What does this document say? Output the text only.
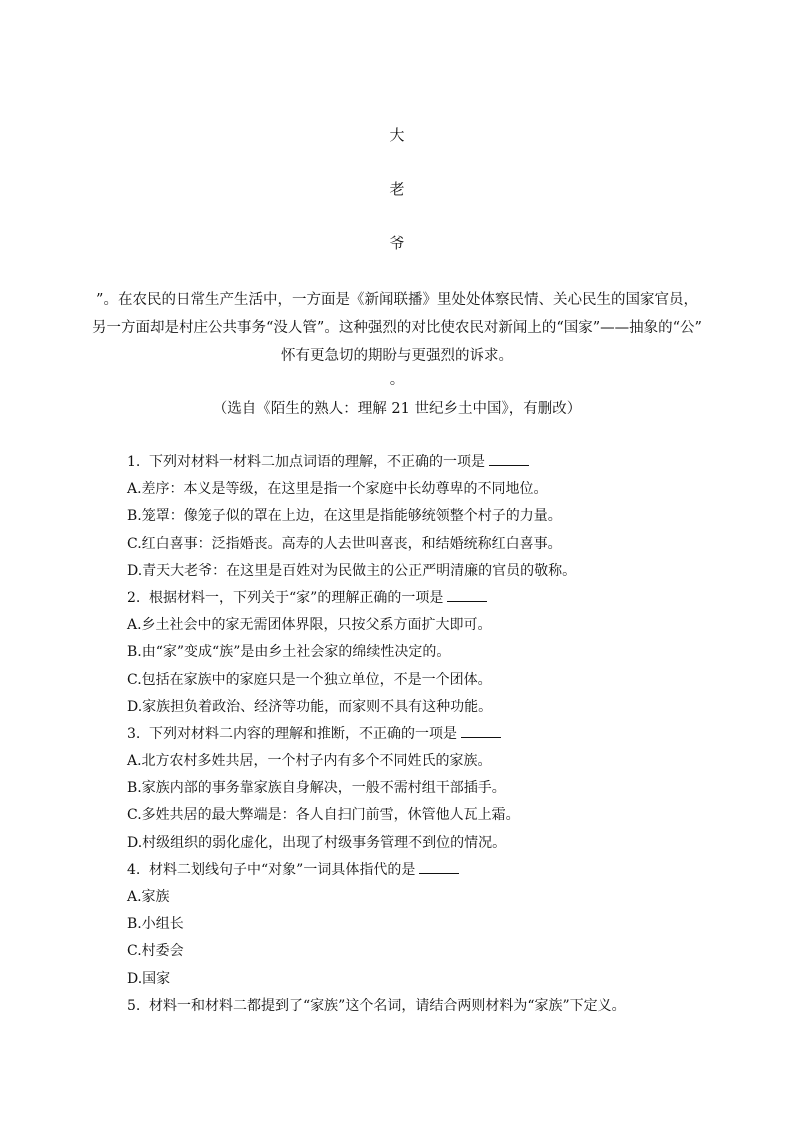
大
老
爷
”。在农民的日常生产生活中，一方面是《新闻联播》里处处体察民情、关心民生的国家官员，
另一方面却是村庄公共事务“没人管”。这种强烈的对比使农民对新闻上的“国家”——抽象的“公”
怀有更急切的期盼与更强烈的诉求。
。
（选自《陌生的熟人：理解 21 世纪乡土中国》，有删改）
1. 下列对材料一材料二加点词语的理解，不正确的一项是
A.差序：本义是等级，在这里是指一个家庭中长幼尊卑的不同地位。
B.笼罩：像笼子似的罩在上边，在这里是指能够统领整个村子的力量。
C.红白喜事：泛指婚丧。高寿的人去世叫喜丧，和结婚统称红白喜事。
D.青天大老爷：在这里是百姓对为民做主的公正严明清廉的官员的敬称。
2. 根据材料一，下列关于“家”的理解正确的一项是
A.乡土社会中的家无需团体界限，只按父系方面扩大即可。
B.由“家”变成“族”是由乡土社会家的绵续性决定的。
C.包括在家族中的家庭只是一个独立单位，不是一个团体。
D.家族担负着政治、经济等功能，而家则不具有这种功能。
3. 下列对材料二内容的理解和推断，不正确的一项是
A.北方农村多姓共居，一个村子内有多个不同姓氏的家族。
B.家族内部的事务靠家族自身解决，一般不需村组干部插手。
C.多姓共居的最大弊端是：各人自扫门前雪，休管他人瓦上霜。
D.村级组织的弱化虚化，出现了村级事务管理不到位的情况。
4. 材料二划线句子中“对象”一词具体指代的是
A.家族
B.小组长
C.村委会
D.国家
5. 材料一和材料二都提到了“家族”这个名词，请结合两则材料为“家族”下定义。
